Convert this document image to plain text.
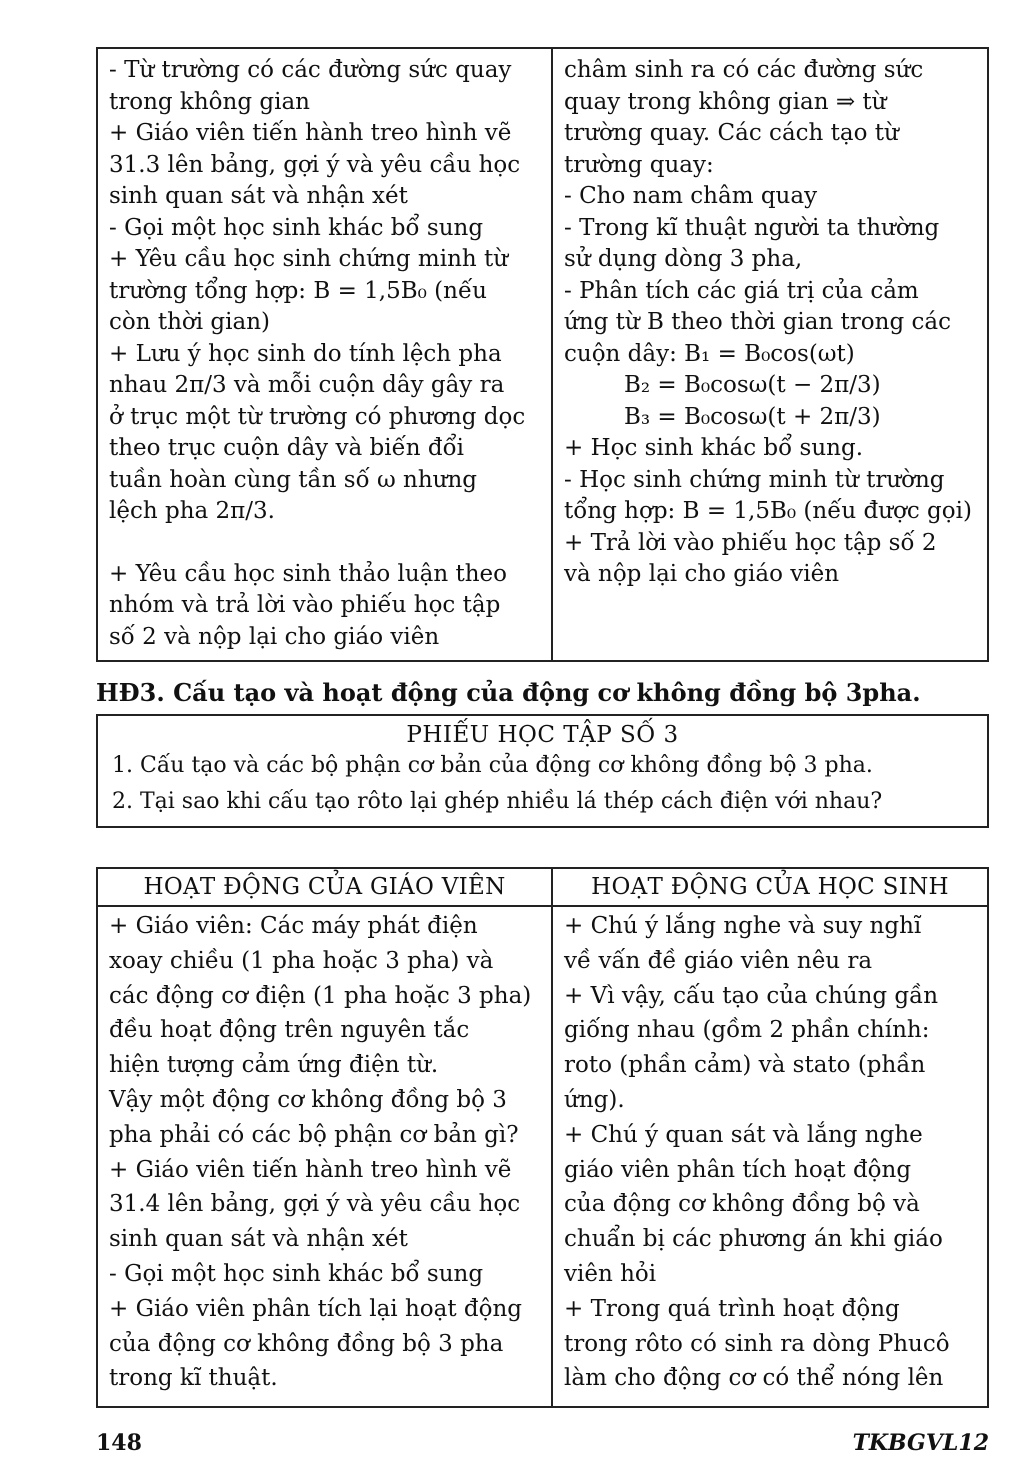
- Từ trường có các đường sức quay
trong không gian
+ Giáo viên tiến hành treo hình vẽ
31.3 lên bảng, gợi ý và yêu cầu học
sinh quan sát và nhận xét
- Gọi một học sinh khác bổ sung
+ Yêu cầu học sinh chứng minh từ
trường tổng hợp: B = 1,5B₀ (nếu
còn thời gian)
+ Lưu ý học sinh do tính lệch pha
nhau 2π/3 và mỗi cuộn dây gây ra
ở trục một từ trường có phương dọc
theo trục cuộn dây và biến đổi
tuần hoàn cùng tần số ω nhưng
lệch pha 2π/3.
+ Yêu cầu học sinh thảo luận theo
nhóm và trả lời vào phiếu học tập
số 2 và nộp lại cho giáo viên
châm sinh ra có các đường sức
quay trong không gian ⇒ từ
trường quay. Các cách tạo từ
trường quay:
- Cho nam châm quay
- Trong kĩ thuật người ta thường
sử dụng dòng 3 pha,
- Phân tích các giá trị của cảm
ứng từ B theo thời gian trong các
cuộn dây: B₁ = B₀cos(ωt)
B₂ = B₀cosω(t − 2π/3)
B₃ = B₀cosω(t + 2π/3)
+ Học sinh khác bổ sung.
- Học sinh chứng minh từ trường
tổng hợp: B = 1,5B₀ (nếu được gọi)
+ Trả lời vào phiếu học tập số 2
và nộp lại cho giáo viên
HĐ3. Cấu tạo và hoạt động của động cơ không đồng bộ 3pha.
PHIẾU HỌC TẬP SỐ 3
1. Cấu tạo và các bộ phận cơ bản của động cơ không đồng bộ 3 pha.
2. Tại sao khi cấu tạo rôto lại ghép nhiều lá thép cách điện với nhau?
HOẠT ĐỘNG CỦA GIÁO VIÊN
+ Giáo viên: Các máy phát điện
xoay chiều (1 pha hoặc 3 pha) và
các động cơ điện (1 pha hoặc 3 pha)
đều hoạt động trên nguyên tắc
hiện tượng cảm ứng điện từ.
Vậy một động cơ không đồng bộ 3
pha phải có các bộ phận cơ bản gì?
+ Giáo viên tiến hành treo hình vẽ
31.4 lên bảng, gợi ý và yêu cầu học
sinh quan sát và nhận xét
- Gọi một học sinh khác bổ sung
+ Giáo viên phân tích lại hoạt động
của động cơ không đồng bộ 3 pha
trong kĩ thuật.
HOẠT ĐỘNG CỦA HỌC SINH
+ Chú ý lắng nghe và suy nghĩ
về vấn đề giáo viên nêu ra
+ Vì vậy, cấu tạo của chúng gần
giống nhau (gồm 2 phần chính:
roto (phần cảm) và stato (phần
ứng).
+ Chú ý quan sát và lắng nghe
giáo viên phân tích hoạt động
của động cơ không đồng bộ và
chuẩn bị các phương án khi giáo
viên hỏi
+ Trong quá trình hoạt động
trong rôto có sinh ra dòng Phucô
làm cho động cơ có thể nóng lên
148	TKBGVL12
